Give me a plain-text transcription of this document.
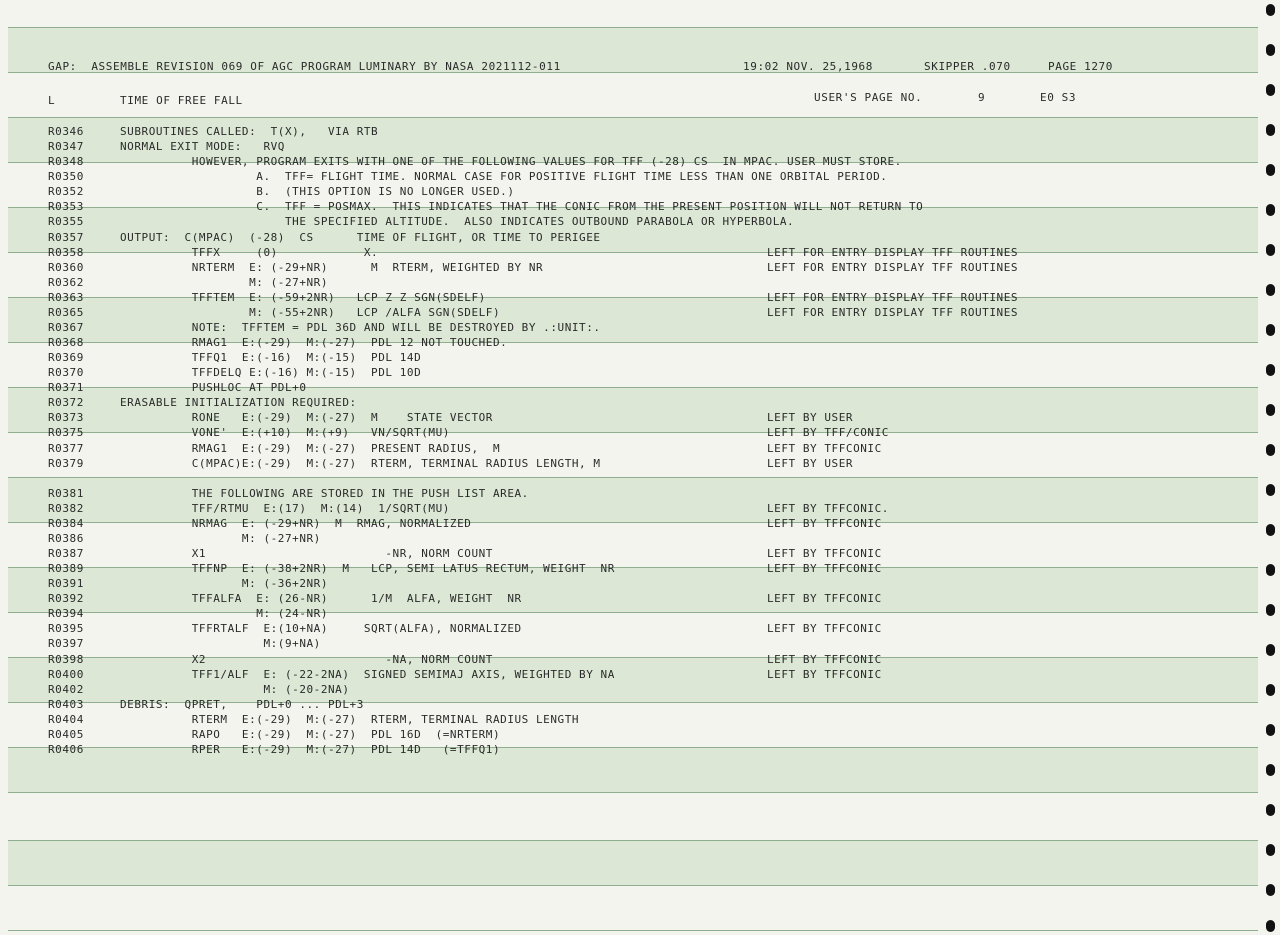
GAP:  ASSEMBLE REVISION 069 OF AGC PROGRAM LUMINARY BY NASA 2021112-011	19:02 NOV. 25,1968	SKIPPER .070	PAGE 1270
L	TIME OF FREE FALL	USER'S PAGE NO.	9	E0 S3
R0346	SUBROUTINES CALLED:  T(X),   VIA RTB
R0347	NORMAL EXIT MODE:   RVQ
R0348	HOWEVER, PROGRAM EXITS WITH ONE OF THE FOLLOWING VALUES FOR TFF (-28) CS  IN MPAC. USER MUST STORE.
R0350	A.  TFF= FLIGHT TIME. NORMAL CASE FOR POSITIVE FLIGHT TIME LESS THAN ONE ORBITAL PERIOD.
R0352	B.  (THIS OPTION IS NO LONGER USED.)
R0353	C.  TFF = POSMAX.  THIS INDICATES THAT THE CONIC FROM THE PRESENT POSITION WILL NOT RETURN TO
R0355	THE SPECIFIED ALTITUDE.  ALSO INDICATES OUTBOUND PARABOLA OR HYPERBOLA.
R0357	OUTPUT:  C(MPAC)  (-28)  CS      TIME OF FLIGHT, OR TIME TO PERIGEE
R0358	TFFX     (0)            X.	LEFT FOR ENTRY DISPLAY TFF ROUTINES
R0360	NRTERM  E: (-29+NR)      M  RTERM, WEIGHTED BY NR	LEFT FOR ENTRY DISPLAY TFF ROUTINES
R0362	M: (-27+NR)
R0363	TFFTEM  E: (-59+2NR)   LCP Z Z SGN(SDELF)	LEFT FOR ENTRY DISPLAY TFF ROUTINES
R0365	M: (-55+2NR)   LCP /ALFA SGN(SDELF)	LEFT FOR ENTRY DISPLAY TFF ROUTINES
R0367	NOTE:  TFFTEM = PDL 36D AND WILL BE DESTROYED BY .:UNIT:.
R0368	RMAG1  E:(-29)  M:(-27)  PDL 12 NOT TOUCHED.
R0369	TFFQ1  E:(-16)  M:(-15)  PDL 14D
R0370	TFFDELQ E:(-16) M:(-15)  PDL 10D
R0371	PUSHLOC AT PDL+0
R0372	ERASABLE INITIALIZATION REQUIRED:
R0373	RONE   E:(-29)  M:(-27)  M    STATE VECTOR	LEFT BY USER
R0375	VONE'  E:(+10)  M:(+9)   VN/SQRT(MU)	LEFT BY TFF/CONIC
R0377	RMAG1  E:(-29)  M:(-27)  PRESENT RADIUS,  M	LEFT BY TFFCONIC
R0379	C(MPAC)E:(-29)  M:(-27)  RTERM, TERMINAL RADIUS LENGTH, M	LEFT BY USER
R0381	THE FOLLOWING ARE STORED IN THE PUSH LIST AREA.
R0382	TFF/RTMU  E:(17)  M:(14)  1/SQRT(MU)	LEFT BY TFFCONIC.
R0384	NRMAG  E: (-29+NR)  M  RMAG, NORMALIZED	LEFT BY TFFCONIC
R0386	M: (-27+NR)
R0387	X1                         -NR, NORM COUNT	LEFT BY TFFCONIC
R0389	TFFNP  E: (-38+2NR)  M   LCP, SEMI LATUS RECTUM, WEIGHT  NR	LEFT BY TFFCONIC
R0391	M: (-36+2NR)
R0392	TFFALFA  E: (26-NR)      1/M  ALFA, WEIGHT  NR	LEFT BY TFFCONIC
R0394	M: (24-NR)
R0395	TFFRTALF  E:(10+NA)     SQRT(ALFA), NORMALIZED	LEFT BY TFFCONIC
R0397	M:(9+NA)
R0398	X2                         -NA, NORM COUNT	LEFT BY TFFCONIC
R0400	TFF1/ALF  E: (-22-2NA)  SIGNED SEMIMAJ AXIS, WEIGHTED BY NA	LEFT BY TFFCONIC
R0402	M: (-20-2NA)
R0403	DEBRIS:  QPRET,    PDL+0 ... PDL+3
R0404	RTERM  E:(-29)  M:(-27)  RTERM, TERMINAL RADIUS LENGTH
R0405	RAPO   E:(-29)  M:(-27)  PDL 16D  (=NRTERM)
R0406	RPER   E:(-29)  M:(-27)  PDL 14D   (=TFFQ1)
